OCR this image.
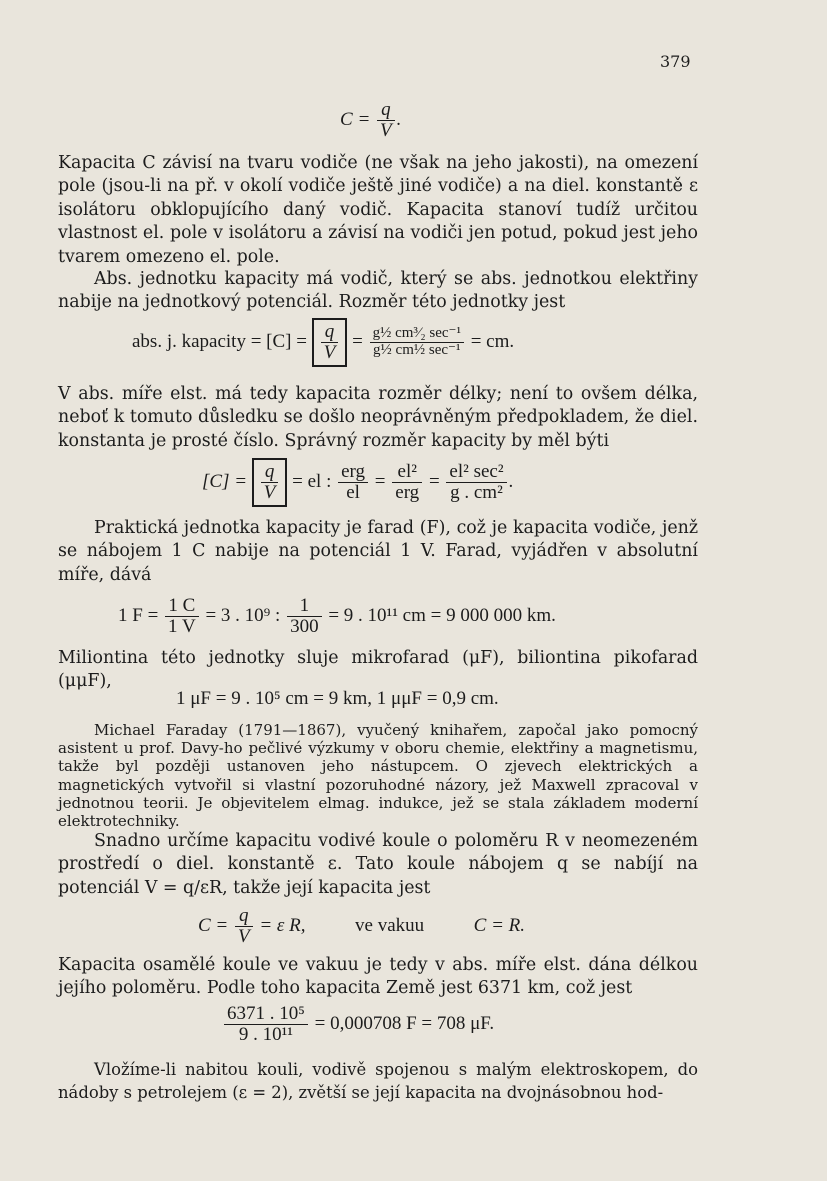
379
$C = \frac{q}{V}$ .

Kapacita C závisí na tvaru vodiče (ne však na jeho jakosti), na omezení pole (jsou-li na př. v okolí vodiče ještě jiné vodiče) a na diel. konstantě ε isolátoru obklopujícího daný vodič. Kapacita stanoví tudíž určitou vlastnost el. pole v isolátoru a závisí na vodiči jen potud, pokud jest jeho tvarem omezeno el. pole.

Abs. jednotku kapacity má vodič, který se abs. jednotkou elektřiny nabije na jednotkový potenciál. Rozměr této jednotky jest

abs. j. kapacity = $[C] = \frac{q}{V} = \frac{\text{g½ cm³⁄₂ sec⁻¹}}{\text{g½ cm½ sec⁻¹}}$ = cm.

V abs. míře elst. má tedy kapacita rozměr délky; není to ovšem délka, neboť k tomuto důsledku se došlo neoprávněným předpokladem, že diel. konstanta je prosté číslo. Správný rozměr kapacity by měl býti

$[C] = \frac{q}{V}$ = el : $\frac{\text{erg}}{el} = \frac{\text{el²}}{\text{erg}} = \frac{\text{el² sec²}}{\text{g . cm²}}$ .

Praktická jednotka kapacity je farad (F), což je kapacita vodiče, jenž se nábojem 1 C nabije na potenciál 1 V. Farad, vyjádřen v absolutní míře, dává

1 $F = \frac{1 C}{1 V} = 3$ . 10⁹ : $\frac{1}{300} = 9$ . 10¹¹ cm = 9 000 000 km.

Miliontina této jednotky sluje mikrofarad (μF), biliontina pikofarad (μμF),

1 μF = 9 . 10⁵ cm = 9 km, 1 μμF = 0,9 cm.

Michael Faraday (1791—1867), vyučený knihařem, započal jako pomocný asistent u prof. Davy-ho pečlivé výzkumy v oboru chemie, elektřiny a magnetismu, takže byl později ustanoven jeho nástupcem. O zjevech elektrických a magnetických vytvořil si vlastní pozoruhodné názory, jež Maxwell zpracoval v jednotnou teorii. Je objevitelem elmag. indukce, jež se stala základem moderní elektrotechniky.

Snadno určíme kapacitu vodivé koule o poloměru R v neomezeném prostředí o diel. konstantě ε. Tato koule nábojem q se nabíjí na potenciál V = q/εR, takže její kapacita jest

$C = \frac{q}{V} = \varepsilon$ R,	ve vakuu	C = R.

Kapacita osamělé koule ve vakuu je tedy v abs. míře elst. dána délkou jejího poloměru. Podle toho kapacita Země jest 6371 km, což jest

$\frac{\text{6371 . 10⁵}}{\text{9 . 10¹¹}} = 0,000708$ F = 708 μF.

Vložíme-li nabitou kouli, vodivě spojenou s malým elektroskopem, do nádoby s petrolejem (ε = 2), zvětší se její kapacita na dvojnásobnou hod-
